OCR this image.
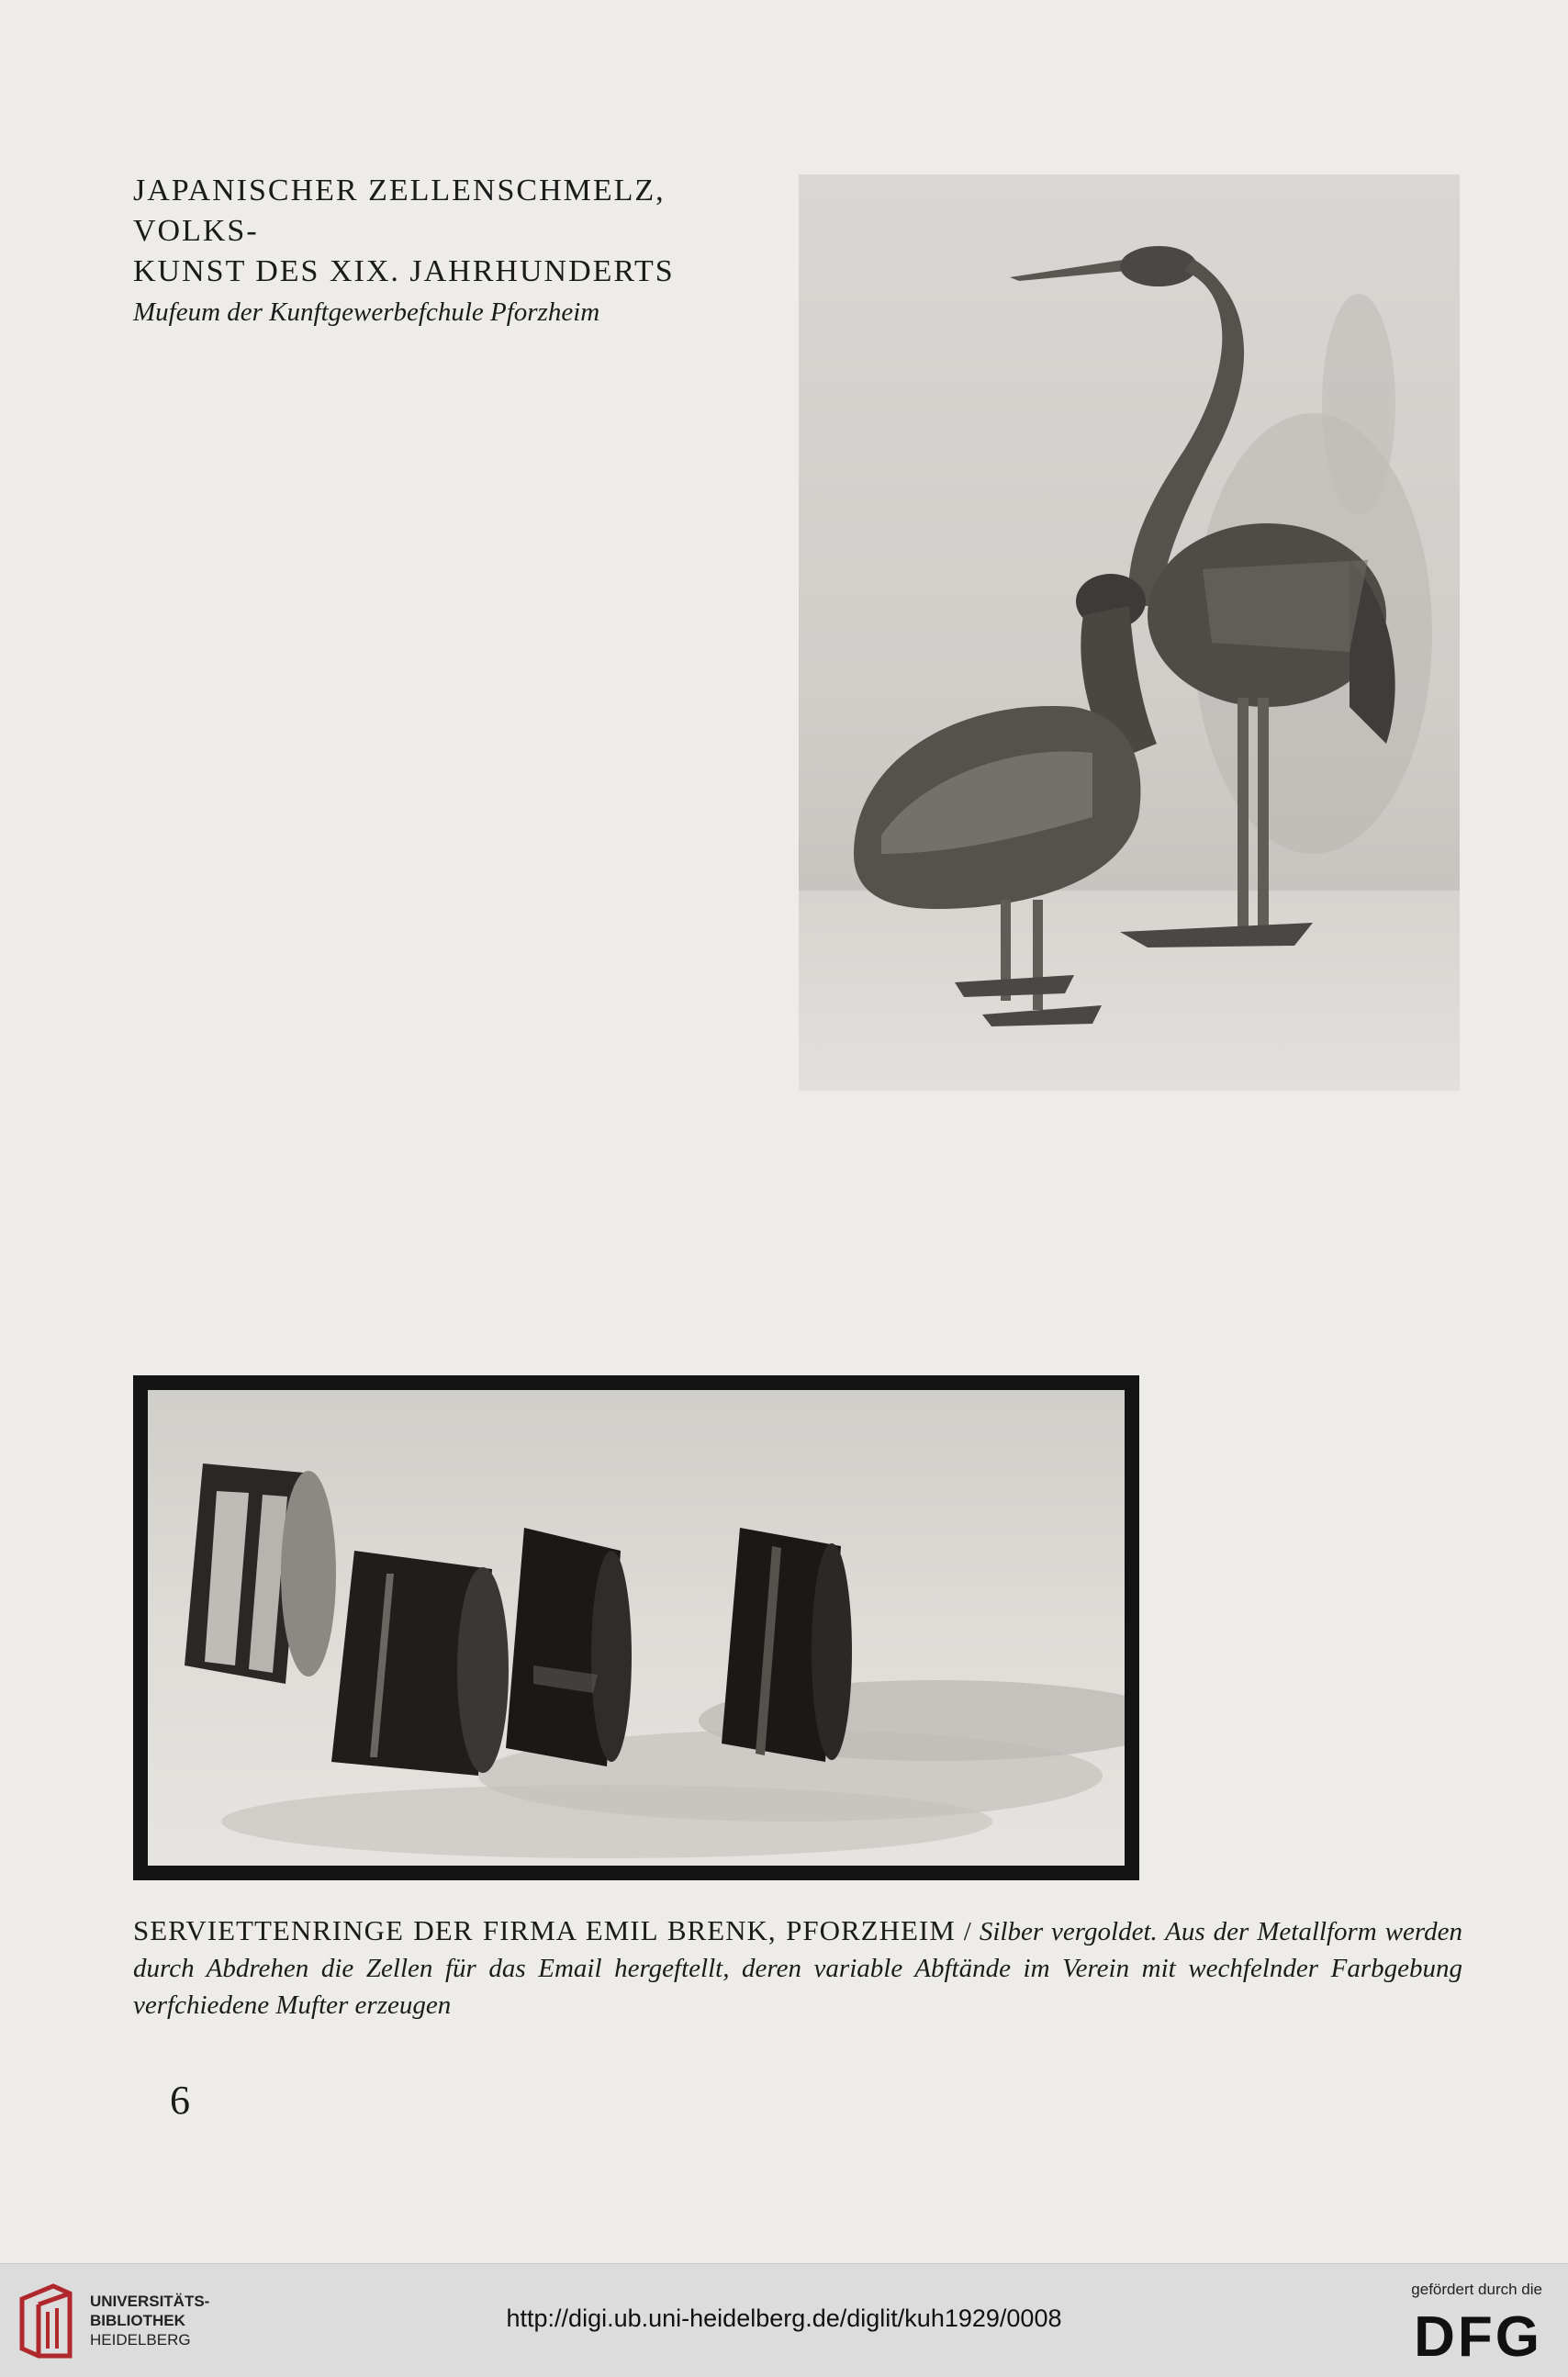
JAPANISCHER ZELLENSCHMELZ, VOLKS-
KUNST DES XIX. JAHRHUNDERTS
Mufeum der Kunftgewerbefchule Pforzheim
SERVIETTENRINGE DER FIRMA EMIL BRENK, PFORZHEIM / Silber vergoldet. Aus der Metallform werden durch Abdrehen die Zellen für das Email hergeftellt, deren variable Abftände im Verein mit wechfelnder Farbgebung verfchiedene Mufter erzeugen
6
UNIVERSITÄTS-
BIBLIOTHEK
HEIDELBERG
http://digi.ub.uni-heidelberg.de/diglit/kuh1929/0008
gefördert durch die
DFG
